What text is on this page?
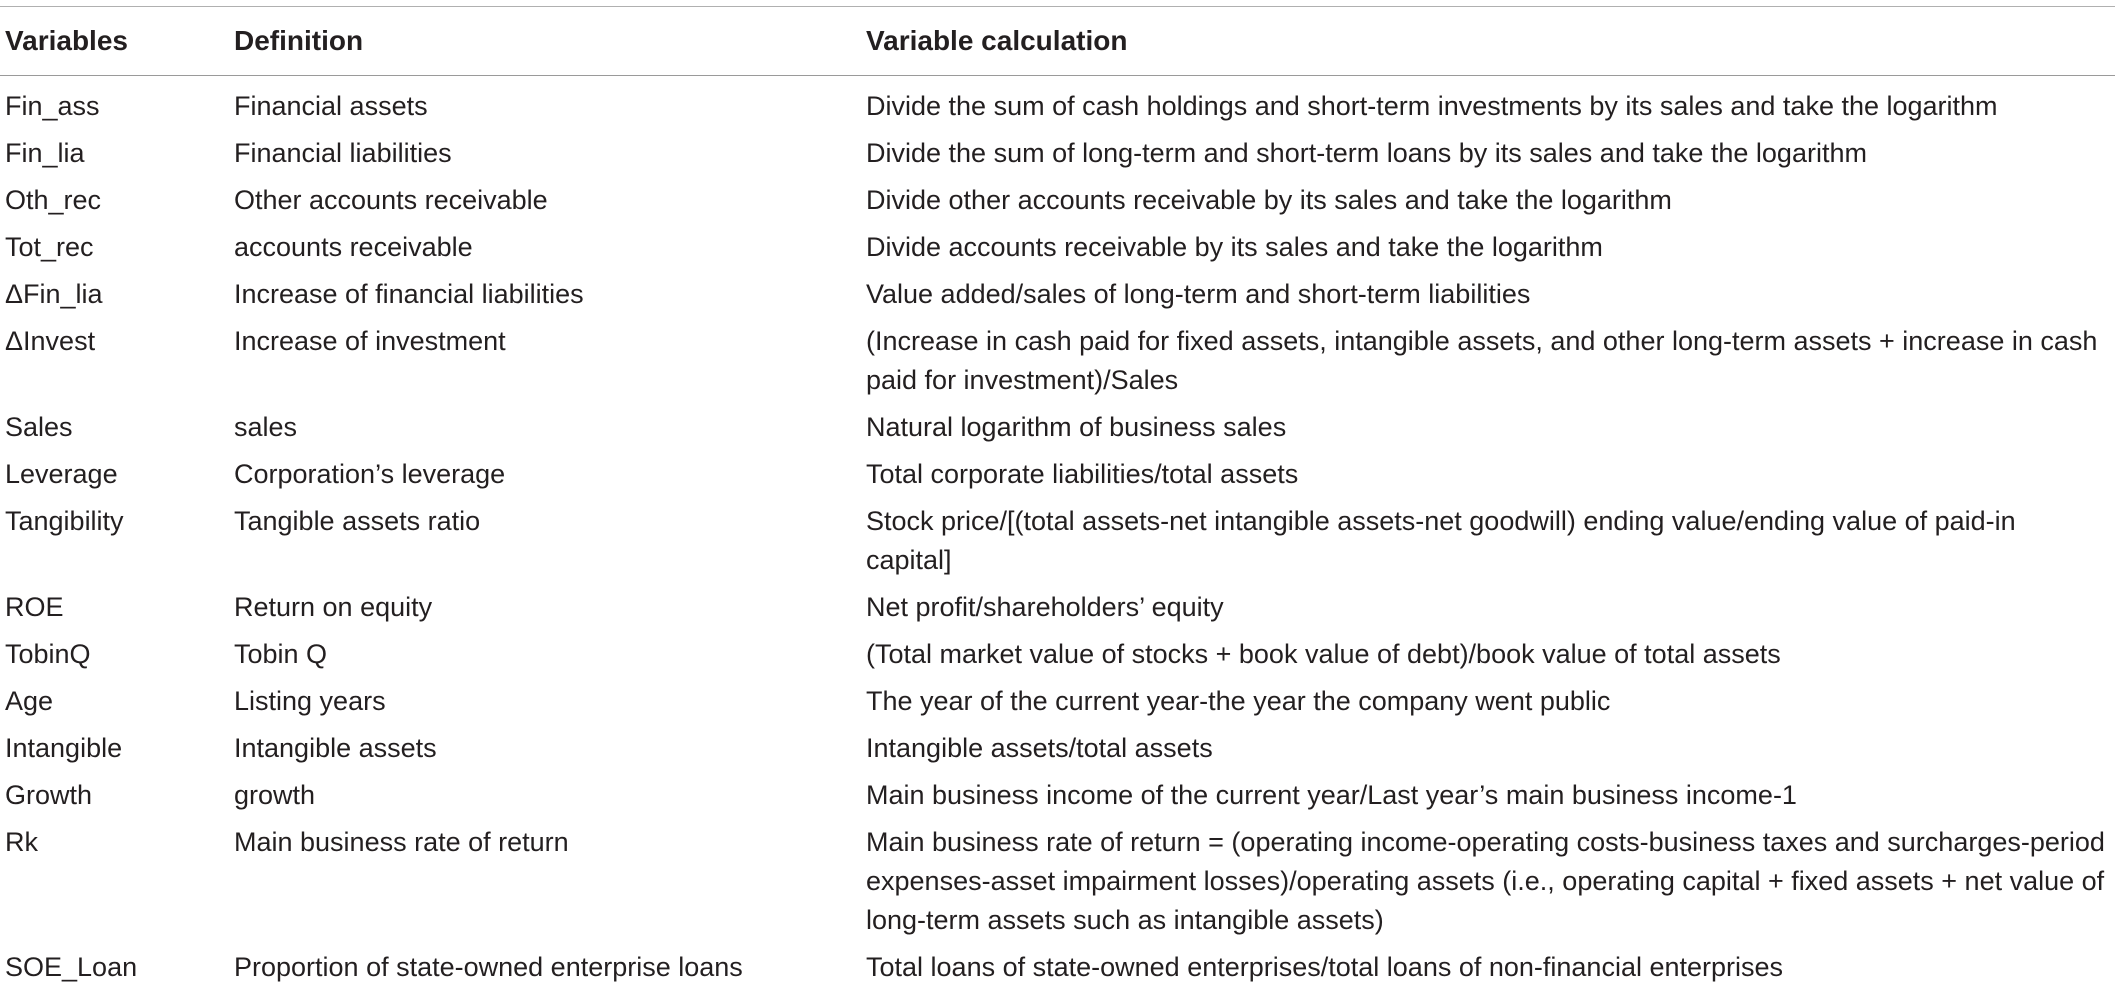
Variables	Definition	Variable calculation
Fin_ass	Financial assets	Divide the sum of cash holdings and short-term investments by its sales and take the logarithm
Fin_lia	Financial liabilities	Divide the sum of long-term and short-term loans by its sales and take the logarithm
Oth_rec	Other accounts receivable	Divide other accounts receivable by its sales and take the logarithm
Tot_rec	accounts receivable	Divide accounts receivable by its sales and take the logarithm
ΔFin_lia	Increase of financial liabilities	Value added/sales of long-term and short-term liabilities
ΔInvest	Increase of investment	(Increase in cash paid for fixed assets, intangible assets, and other long-term assets + increase in cash paid for investment)/Sales
Sales	sales	Natural logarithm of business sales
Leverage	Corporation’s leverage	Total corporate liabilities/total assets
Tangibility	Tangible assets ratio	Stock price/[(total assets-net intangible assets-net goodwill) ending value/ending value of paid-in capital]
ROE	Return on equity	Net profit/shareholders’ equity
TobinQ	Tobin Q	(Total market value of stocks + book value of debt)/book value of total assets
Age	Listing years	The year of the current year-the year the company went public
Intangible	Intangible assets	Intangible assets/total assets
Growth	growth	Main business income of the current year/Last year’s main business income-1
Rk	Main business rate of return	Main business rate of return = (operating income-operating costs-business taxes and surcharges-period expenses-asset impairment losses)/operating assets (i.e., operating capital + fixed assets + net value of long-term assets such as intangible assets)
SOE_Loan	Proportion of state-owned enterprise loans	Total loans of state-owned enterprises/total loans of non-financial enterprises
